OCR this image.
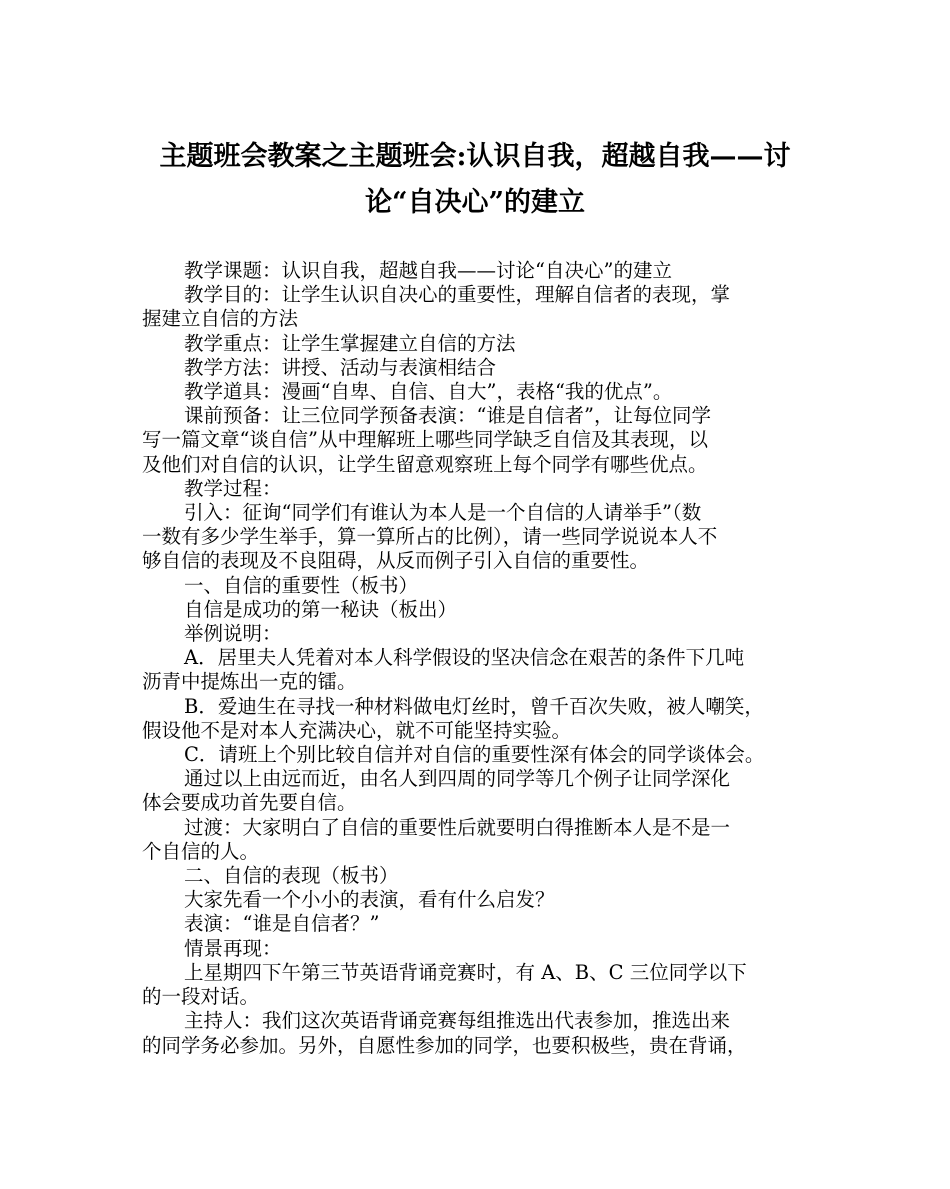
主题班会教案之主题班会:认识自我，超越自我——讨
论“自决心”的建立

教学课题：认识自我，超越自我——讨论“自决心”的建立

教学目的：让学生认识自决心的重要性，理解自信者的表现，掌
握建立自信的方法

教学重点：让学生掌握建立自信的方法

教学方法：讲授、活动与表演相结合

教学道具：漫画“自卑、自信、自大”，表格“我的优点”。

课前预备：让三位同学预备表演：“谁是自信者”，让每位同学
写一篇文章“谈自信”从中理解班上哪些同学缺乏自信及其表现，以
及他们对自信的认识，让学生留意观察班上每个同学有哪些优点。

教学过程：

引入：征询“同学们有谁认为本人是一个自信的人请举手”（数
一数有多少学生举手，算一算所占的比例），请一些同学说说本人不
够自信的表现及不良阻碍，从反而例子引入自信的重要性。

一、自信的重要性（板书）

自信是成功的第一秘诀（板出）

举例说明：

A．居里夫人凭着对本人科学假设的坚决信念在艰苦的条件下几吨
沥青中提炼出一克的镭。

B．爱迪生在寻找一种材料做电灯丝时，曾千百次失败，被人嘲笑，
假设他不是对本人充满决心，就不可能坚持实验。

C．请班上个别比较自信并对自信的重要性深有体会的同学谈体会。

通过以上由远而近，由名人到四周的同学等几个例子让同学深化
体会要成功首先要自信。

过渡：大家明白了自信的重要性后就要明白得推断本人是不是一
个自信的人。

二、自信的表现（板书）

大家先看一个小小的表演，看有什么启发？

表演：“谁是自信者？”

情景再现：

上星期四下午第三节英语背诵竞赛时，有 A、B、C 三位同学以下
的一段对话。

主持人：我们这次英语背诵竞赛每组推选出代表参加，推选出来
的同学务必参加。另外，自愿性参加的同学，也要积极些，贵在背诵，
